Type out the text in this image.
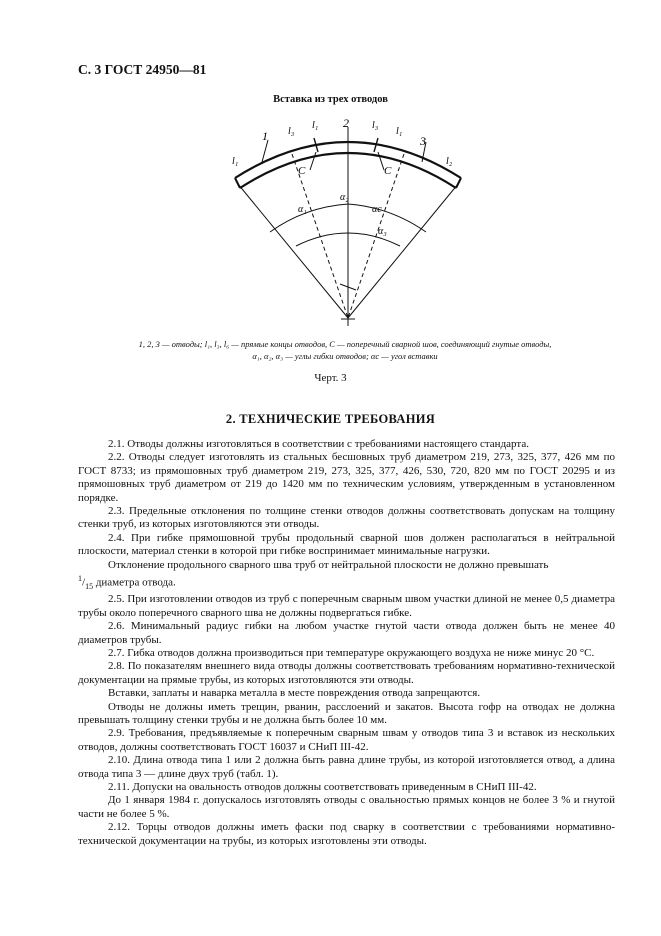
С. 3 ГОСТ 24950—81
Вставка из трех отводов
1
2
3
l₁
l₃
l₁	l₃
l₁
l₂
C	C
α₁
α₂
αc
α₃
1, 2, 3 — отводы; l₁, l₃, l₆ — прямые концы отводов, C — поперечный сварной шов, соединяющий гнутые отводы,
α₁, α₂, α₃ — углы гибки отводов; αc — угол вставки
Черт. 3
2. ТЕХНИЧЕСКИЕ ТРЕБОВАНИЯ

2.1. Отводы должны изготовляться в соответствии с требованиями настоящего стандарта.

2.2. Отводы следует изготовлять из стальных бесшовных труб диаметром 219, 273, 325, 377, 426 мм по ГОСТ 8733; из прямошовных труб диаметром 219, 273, 325, 377, 426, 530, 720, 820 мм по ГОСТ 20295 и из прямошовных труб диаметром от 219 до 1420 мм по техническим условиям, утвержденным в установленном порядке.

2.3. Предельные отклонения по толщине стенки отводов должны соответствовать допускам на толщину стенки труб, из которых изготовляются эти отводы.

2.4. При гибке прямошовной трубы продольный сварной шов должен располагаться в нейтральной плоскости, материал стенки в которой при гибке воспринимает минимальные нагрузки.

Отклонение продольного сварного шва труб от нейтральной плоскости не должно превышать

$^1/_{15}$ диаметра отвода.

2.5. При изготовлении отводов из труб с поперечным сварным швом участки длиной не менее 0,5 диаметра трубы около поперечного сварного шва не должны подвергаться гибке.

2.6. Минимальный радиус гибки на любом участке гнутой части отвода должен быть не менее 40 диаметров трубы.

2.7. Гибка отводов должна производиться при температуре окружающего воздуха не ниже минус 20 °С.

2.8. По показателям внешнего вида отводы должны соответствовать требованиям нормативно-технической документации на прямые трубы, из которых изготовляются эти отводы.

Вставки, заплаты и наварка металла в месте повреждения отвода запрещаются.

Отводы не должны иметь трещин, рванин, расслоений и закатов. Высота гофр на отводах не должна превышать толщину стенки трубы и не должна быть более 10 мм.

2.9. Требования, предъявляемые к поперечным сварным швам у отводов типа 3 и вставок из нескольких отводов, должны соответствовать ГОСТ 16037 и СНиП III-42.

2.10. Длина отвода типа 1 или 2 должна быть равна длине трубы, из которой изготовляется отвод, а длина отвода типа 3 — длине двух труб (табл. 1).

2.11. Допуски на овальность отводов должны соответствовать приведенным в СНиП III-42.

До 1 января 1984 г. допускалось изготовлять отводы с овальностью прямых концов не более 3 % и гнутой части не более 5 %.

2.12. Торцы отводов должны иметь фаски под сварку в соответствии с требованиями нормативно-технической документации на трубы, из которых изготовлены эти отводы.
